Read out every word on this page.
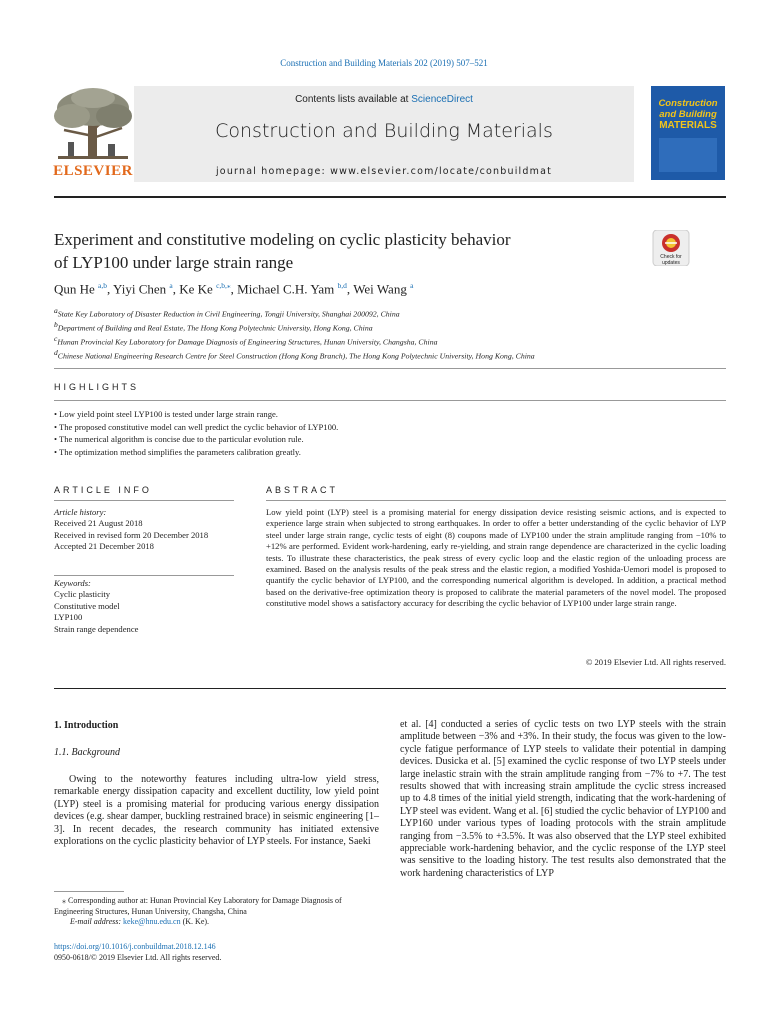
Construction and Building Materials 202 (2019) 507–521
Contents lists available at ScienceDirect
Construction and Building Materials
journal homepage: www.elsevier.com/locate/conbuildmat
ELSEVIER
Construction
and Building
MATERIALS
Experiment and constitutive modeling on cyclic plasticity behavior
of LYP100 under large strain range	Check for updates
Qun He $^{a,b}$, Yiyi Chen $^a$, Ke Ke $^{c,b,⁎}$, Michael C.H. Yam $^{b,d}$, Wei Wang $^a$
$^a$State Key Laboratory of Disaster Reduction in Civil Engineering, Tongji University, Shanghai 200092, China
$^b$Department of Building and Real Estate, The Hong Kong Polytechnic University, Hong Kong, China
$^c$Hunan Provincial Key Laboratory for Damage Diagnosis of Engineering Structures, Hunan University, Changsha, China
$^d$Chinese National Engineering Research Centre for Steel Construction (Hong Kong Branch), The Hong Kong Polytechnic University, Hong Kong, China
HIGHLIGHTS
• Low yield point steel LYP100 is tested under large strain range.
• The proposed constitutive model can well predict the cyclic behavior of LYP100.
• The numerical algorithm is concise due to the particular evolution rule.
• The optimization method simplifies the parameters calibration greatly.
ARTICLE INFO	ABSTRACT
Article history:
Received 21 August 2018
Received in revised form 20 December 2018
Accepted 21 December 2018
Keywords:
Cyclic plasticity
Constitutive model
LYP100
Strain range dependence
Low yield point (LYP) steel is a promising material for energy dissipation device resisting seismic actions, and is expected to experience large strain when subjected to strong earthquakes. In order to offer a better understanding of the cyclic behavior of LYP steel under large strain range, cyclic tests of eight (8) coupons made of LYP100 under the strain amplitude ranging from −10% to +12% are performed. Evident work-hardening, early re-yielding, and strain range dependence are characterized in the cyclic loading tests. To illustrate these characteristics, the peak stress of every cyclic loop and the elastic region of the unloading process are examined. Based on the analysis results of the peak stress and the elastic region, a modified Yoshida-Uemori model is proposed to quantify the cyclic behavior of LYP100, and the corresponding numerical algorithm is developed. In addition, a practical method based on the derivative-free optimization theory is proposed to calibrate the material parameters of the novel model. The proposed constitutive model shows a satisfactory accuracy for describing the cyclic behavior of LYP100 under large strain range.
© 2019 Elsevier Ltd. All rights reserved.
1. Introduction
1.1. Background
Owing to the noteworthy features including ultra-low yield stress, remarkable energy dissipation capacity and excellent ductility, low yield point (LYP) steel is a promising material for producing various energy dissipation devices (e.g. shear damper, buckling restrained brace) in seismic engineering [1–3]. In recent decades, the research community has initiated extensive explorations on the cyclic plasticity behavior of LYP steels. For instance, Saeki
et al. [4] conducted a series of cyclic tests on two LYP steels with the strain amplitude between −3% and +3%. In their study, the focus was given to the low-cycle fatigue performance of LYP steels to validate their potential in damping devices. Dusicka et al. [5] examined the cyclic response of two LYP steels under large inelastic strain with the strain amplitude ranging from −7% to +7. The test results showed that with increasing strain amplitude the cyclic stress increased up to 4.8 times of the initial yield strength, indicating that the work-hardening of LYP steel was evident. Wang et al. [6] studied the cyclic behavior of LYP100 and LYP160 under various types of loading protocols with the strain amplitude ranging from −3.5% to +3.5%. It was also observed that the LYP steel exhibited appreciable work-hardening behavior, and the cyclic response of the LYP steel was sensitive to the loading history. The test results also demonstrated that the work hardening characteristics of LYP
⁎ Corresponding author at: Hunan Provincial Key Laboratory for Damage Diagnosis of Engineering Structures, Hunan University, Changsha, China
E-mail address: keke@hnu.edu.cn (K. Ke).
https://doi.org/10.1016/j.conbuildmat.2018.12.146
0950-0618/© 2019 Elsevier Ltd. All rights reserved.
